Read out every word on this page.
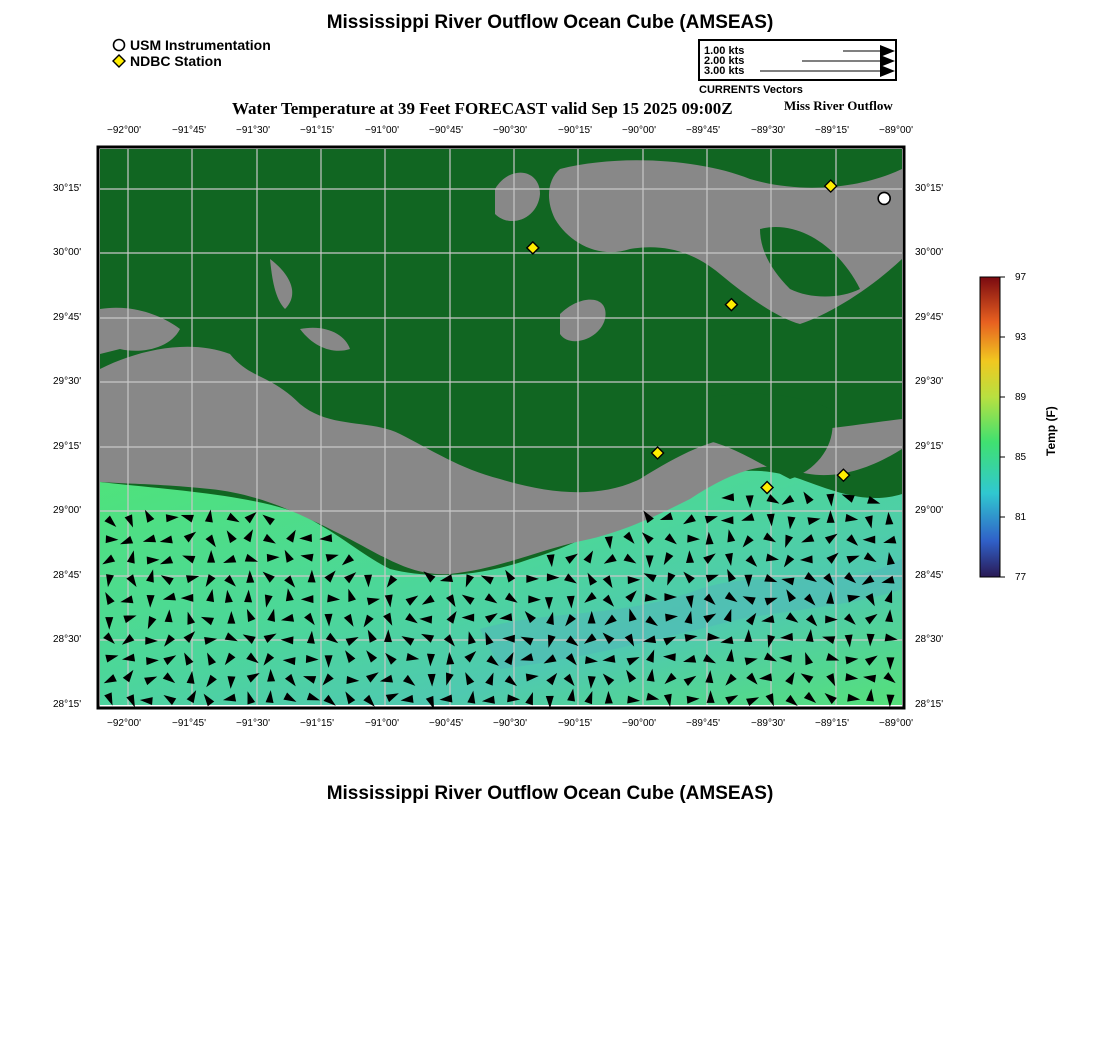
Mississippi River Outflow Ocean Cube (AMSEAS)
USM Instrumentation
NDBC Station
1.00 kts
2.00 kts
3.00 kts
CURRENTS Vectors
Water Temperature at 39 Feet FORECAST valid Sep 15 2025 09:00Z	Miss River Outflow
−92°00'	−91°45'	−91°30'	−91°15'	−91°00'	−90°45'	−90°30'	−90°15'	−90°00'	−89°45'	−89°30'	−89°15'	−89°00'
−92°00'	−91°45'	−91°30'	−91°15'	−91°00'	−90°45'	−90°30'	−90°15'	−90°00'	−89°45'	−89°30'	−89°15'	−89°00'
30°15'
30°00'
29°45'
29°30'
29°15'
29°00'
28°45'
28°30'
28°15'
30°15'
30°00'
29°45'
29°30'
29°15'
29°00'
28°45'
28°30'
28°15'
97
93
89
85
81
77
Temp (F)
Mississippi River Outflow Ocean Cube (AMSEAS)
